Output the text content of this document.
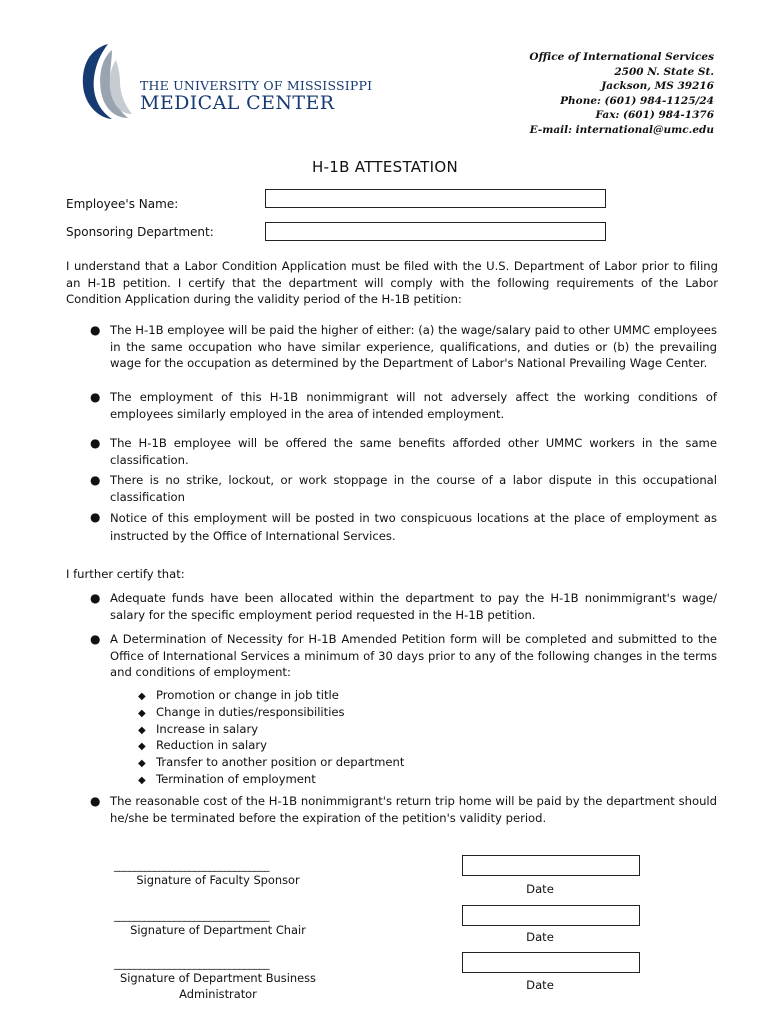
THE UNIVERSITY OF MISSISSIPPI
MEDICAL CENTER
Office of International Services
2500 N. State St.
Jackson, MS 39216
Phone: (601) 984-1125/24
Fax: (601) 984-1376
E-mail: international@umc.edu
H-1B ATTESTATION
Employee's Name:
Sponsoring Department:
I understand that a Labor Condition Application must be filed with the U.S. Department of Labor prior to filing an H-1B petition. I certify that the department will comply with the following requirements of the Labor Condition Application during the validity period of the H-1B petition:
● The H-1B employee will be paid the higher of either: (a) the wage/salary paid to other UMMC employees in the same occupation who have similar experience, qualifications, and duties or (b) the prevailing wage for the occupation as determined by the Department of Labor's National Prevailing Wage Center.
● The employment of this H-1B nonimmigrant will not adversely affect the working conditions of employees similarly employed in the area of intended employment.
● The H-1B employee will be offered the same benefits afforded other UMMC workers in the same classification.
● There is no strike, lockout, or work stoppage in the course of a labor dispute in this occupational classification
● Notice of this employment will be posted in two conspicuous locations at the place of employment as instructed by the Office of International Services.
I further certify that:
● Adequate funds have been allocated within the department to pay the H-1B nonimmigrant's wage/ salary for the specific employment period requested in the H-1B petition.
● A Determination of Necessity for H-1B Amended Petition form will be completed and submitted to the Office of International Services a minimum of 30 days prior to any of the following changes in the terms and conditions of employment:
◆ Promotion or change in job title
◆ Change in duties/responsibilities
◆ Increase in salary
◆ Reduction in salary
◆ Transfer to another position or department
◆ Termination of employment
● The reasonable cost of the H-1B nonimmigrant's return trip home will be paid by the department should he/she be terminated before the expiration of the petition's validity period.
_______________________________
Signature of Faculty Sponsor
_______________________________
Signature of Department Chair
_______________________________
Signature of Department Business Administrator
Date
Date
Date
